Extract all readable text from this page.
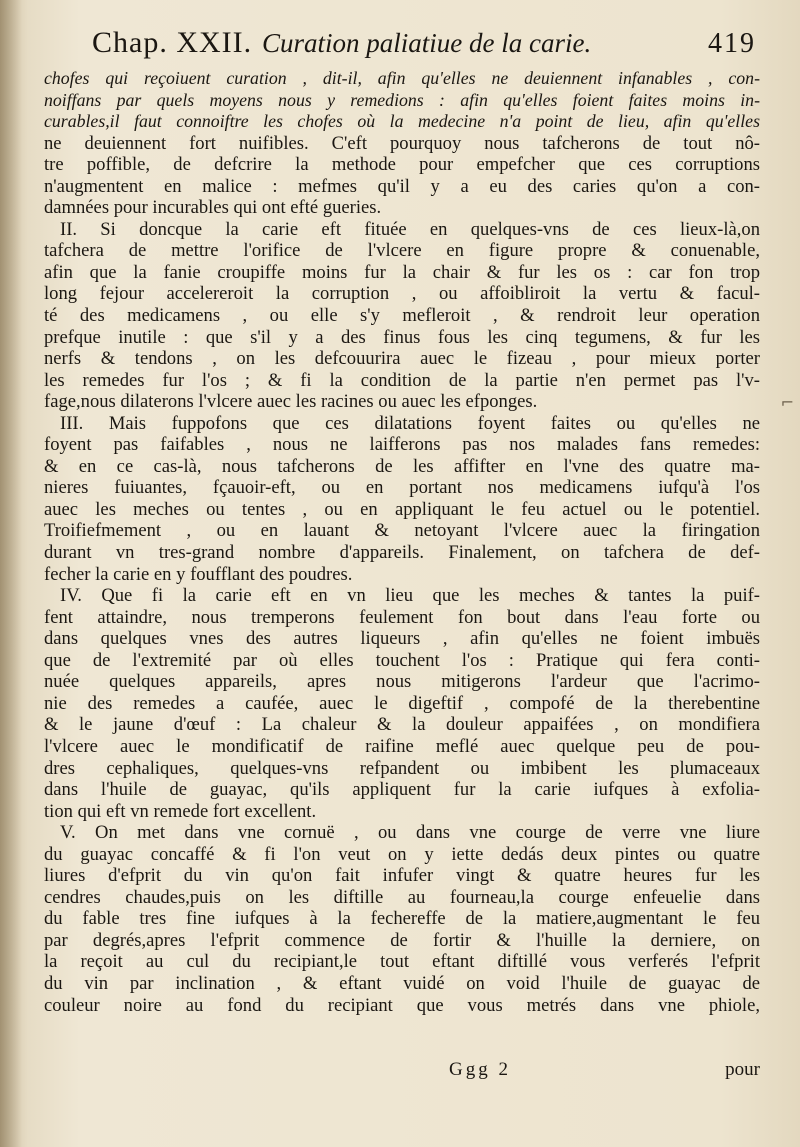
Chap. XXII. Curation paliatiue de la carie.	419
chofes qui reçoiuent curation , dit-il, afin qu'elles ne deuiennent infanables , con-
noiffans par quels moyens nous y remedions : afin qu'elles foient faites moins in-
curables,il faut connoiftre les chofes où la medecine n'a point de lieu, afin qu'elles
ne deuiennent fort nuifibles. C'eft pourquoy nous tafcherons de tout nô-
tre poffible, de defcrire la methode pour empefcher que ces corruptions
n'augmentent en malice : mefmes qu'il y a eu des caries qu'on a con-
damnées pour incurables qui ont efté gueries.
II. Si doncque la carie eft fituée en quelques-vns de ces lieux-là,on
tafchera de mettre l'orifice de l'vlcere en figure propre & conuenable,
afin que la fanie croupiffe moins fur la chair & fur les os : car fon trop
long fejour accelereroit la corruption , ou affoibliroit la vertu & facul-
té des medicamens , ou elle s'y mefleroit , & rendroit leur operation
prefque inutile : que s'il y a des finus fous les cinq tegumens, & fur les
nerfs & tendons , on les defcouurira auec le fizeau , pour mieux porter
les remedes fur l'os ; & fi la condition de la partie n'en permet pas l'v-
fage,nous dilaterons l'vlcere auec les racines ou auec les efponges.
III. Mais fuppofons que ces dilatations foyent faites ou qu'elles ne
foyent pas faifables , nous ne laifferons pas nos malades fans remedes:
& en ce cas-là, nous tafcherons de les affifter en l'vne des quatre ma-
nieres fuiuantes, fçauoir-eft, ou en portant nos medicamens iufqu'à l'os
auec les meches ou tentes , ou en appliquant le feu actuel ou le potentiel.
Troifiefmement , ou en lauant & netoyant l'vlcere auec la firingation
durant vn tres-grand nombre d'appareils. Finalement, on tafchera de def-
fecher la carie en y foufflant des poudres.
IV. Que fi la carie eft en vn lieu que les meches & tantes la puif-
fent attaindre, nous tremperons feulement fon bout dans l'eau forte ou
dans quelques vnes des autres liqueurs , afin qu'elles ne foient imbuës
que de l'extremité par où elles touchent l'os : Pratique qui fera conti-
nuée quelques appareils, apres nous mitigerons l'ardeur que l'acrimo-
nie des remedes a caufée, auec le digeftif , compofé de la therebentine
& le jaune d'œuf : La chaleur & la douleur appaifées , on mondifiera
l'vlcere auec le mondificatif de raifine meflé auec quelque peu de pou-
dres cephaliques, quelques-vns refpandent ou imbibent les plumaceaux
dans l'huile de guayac, qu'ils appliquent fur la carie iufques à exfolia-
tion qui eft vn remede fort excellent.
V. On met dans vne cornuë , ou dans vne courge de verre vne liure
du guayac concaffé & fi l'on veut on y iette dedás deux pintes ou quatre
liures d'efprit du vin qu'on fait infufer vingt & quatre heures fur les
cendres chaudes,puis on les diftille au fourneau,la courge enfeuelie dans
du fable tres fine iufques à la fechereffe de la matiere,augmentant le feu
par degrés,apres l'efprit commence de fortir & l'huille la derniere, on
la reçoit au cul du recipiant,le tout eftant diftillé vous verferés l'efprit
du vin par inclination , & eftant vuidé on void l'huile de guayac de
couleur noire au fond du recipiant que vous metrés dans vne phiole,
⌐
Ggg 2	pour
